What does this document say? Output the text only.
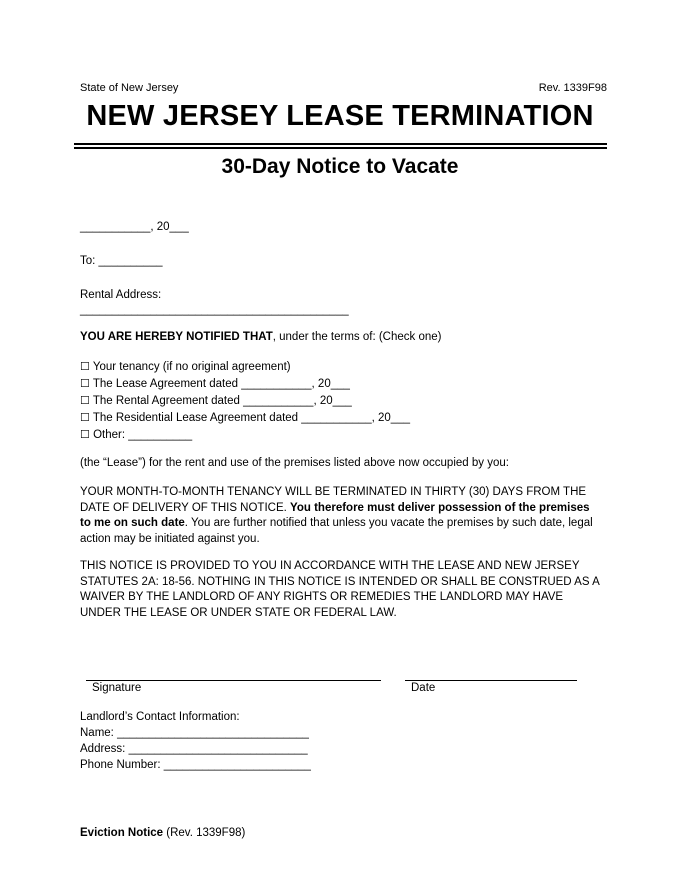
State of New Jersey	Rev. 1339F98
NEW JERSEY LEASE TERMINATION
30-Day Notice to Vacate
___________, 20___
To: __________
Rental Address:
__________________________________________
YOU ARE HEREBY NOTIFIED THAT, under the terms of: (Check one)
☐ Your tenancy (if no original agreement)
☐ The Lease Agreement dated ___________, 20___
☐ The Rental Agreement dated ___________, 20___
☐ The Residential Lease Agreement dated ___________, 20___
☐ Other: __________
(the “Lease”) for the rent and use of the premises listed above now occupied by you:
YOUR MONTH-TO-MONTH TENANCY WILL BE TERMINATED IN THIRTY (30) DAYS FROM THE DATE OF DELIVERY OF THIS NOTICE. You therefore must deliver possession of the premises to me on such date. You are further notified that unless you vacate the premises by such date, legal action may be initiated against you.
THIS NOTICE IS PROVIDED TO YOU IN ACCORDANCE WITH THE LEASE AND NEW JERSEY STATUTES 2A: 18-56. NOTHING IN THIS NOTICE IS INTENDED OR SHALL BE CONSTRUED AS A WAIVER BY THE LANDLORD OF ANY RIGHTS OR REMEDIES THE LANDLORD MAY HAVE UNDER THE LEASE OR UNDER STATE OR FEDERAL LAW.
Signature	Date
Landlord’s Contact Information:
Name: ______________________________
Address: ____________________________
Phone Number: _______________________
Eviction Notice (Rev. 1339F98)
